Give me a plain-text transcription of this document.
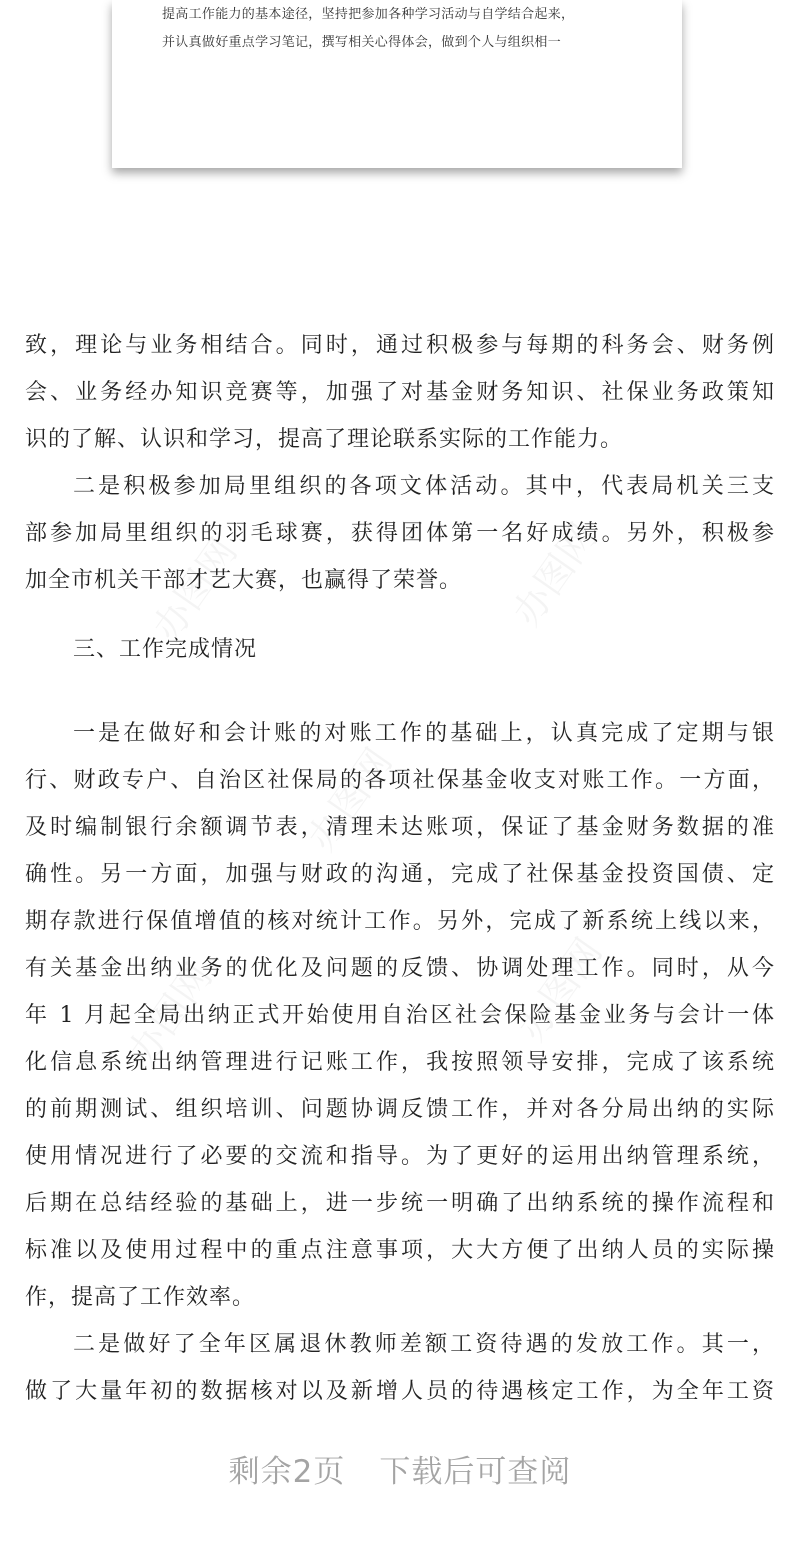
提高工作能力的基本途径，坚持把参加各种学习活动与自学结合起来，
并认真做好重点学习笔记，撰写相关心得体会，做到个人与组织相一
致，理论与业务相结合。同时，通过积极参与每期的科务会、财务例
会、业务经办知识竞赛等，加强了对基金财务知识、社保业务政策知
识的了解、认识和学习，提高了理论联系实际的工作能力。
二是积极参加局里组织的各项文体活动。其中，代表局机关三支
部参加局里组织的羽毛球赛，获得团体第一名好成绩。另外，积极参
加全市机关干部才艺大赛，也赢得了荣誉。
三、工作完成情况
一是在做好和会计账的对账工作的基础上，认真完成了定期与银
行、财政专户、自治区社保局的各项社保基金收支对账工作。一方面，
及时编制银行余额调节表，清理未达账项，保证了基金财务数据的准
确性。另一方面，加强与财政的沟通，完成了社保基金投资国债、定
期存款进行保值增值的核对统计工作。另外，完成了新系统上线以来，
有关基金出纳业务的优化及问题的反馈、协调处理工作。同时，从今
年 1 月起全局出纳正式开始使用自治区社会保险基金业务与会计一体
化信息系统出纳管理进行记账工作，我按照领导安排，完成了该系统
的前期测试、组织培训、问题协调反馈工作，并对各分局出纳的实际
使用情况进行了必要的交流和指导。为了更好的运用出纳管理系统，
后期在总结经验的基础上，进一步统一明确了出纳系统的操作流程和
标准以及使用过程中的重点注意事项，大大方便了出纳人员的实际操
作，提高了工作效率。
二是做好了全年区属退休教师差额工资待遇的发放工作。其一，
做了大量年初的数据核对以及新增人员的待遇核定工作，为全年工资
剩余2页 下载后可查阅
